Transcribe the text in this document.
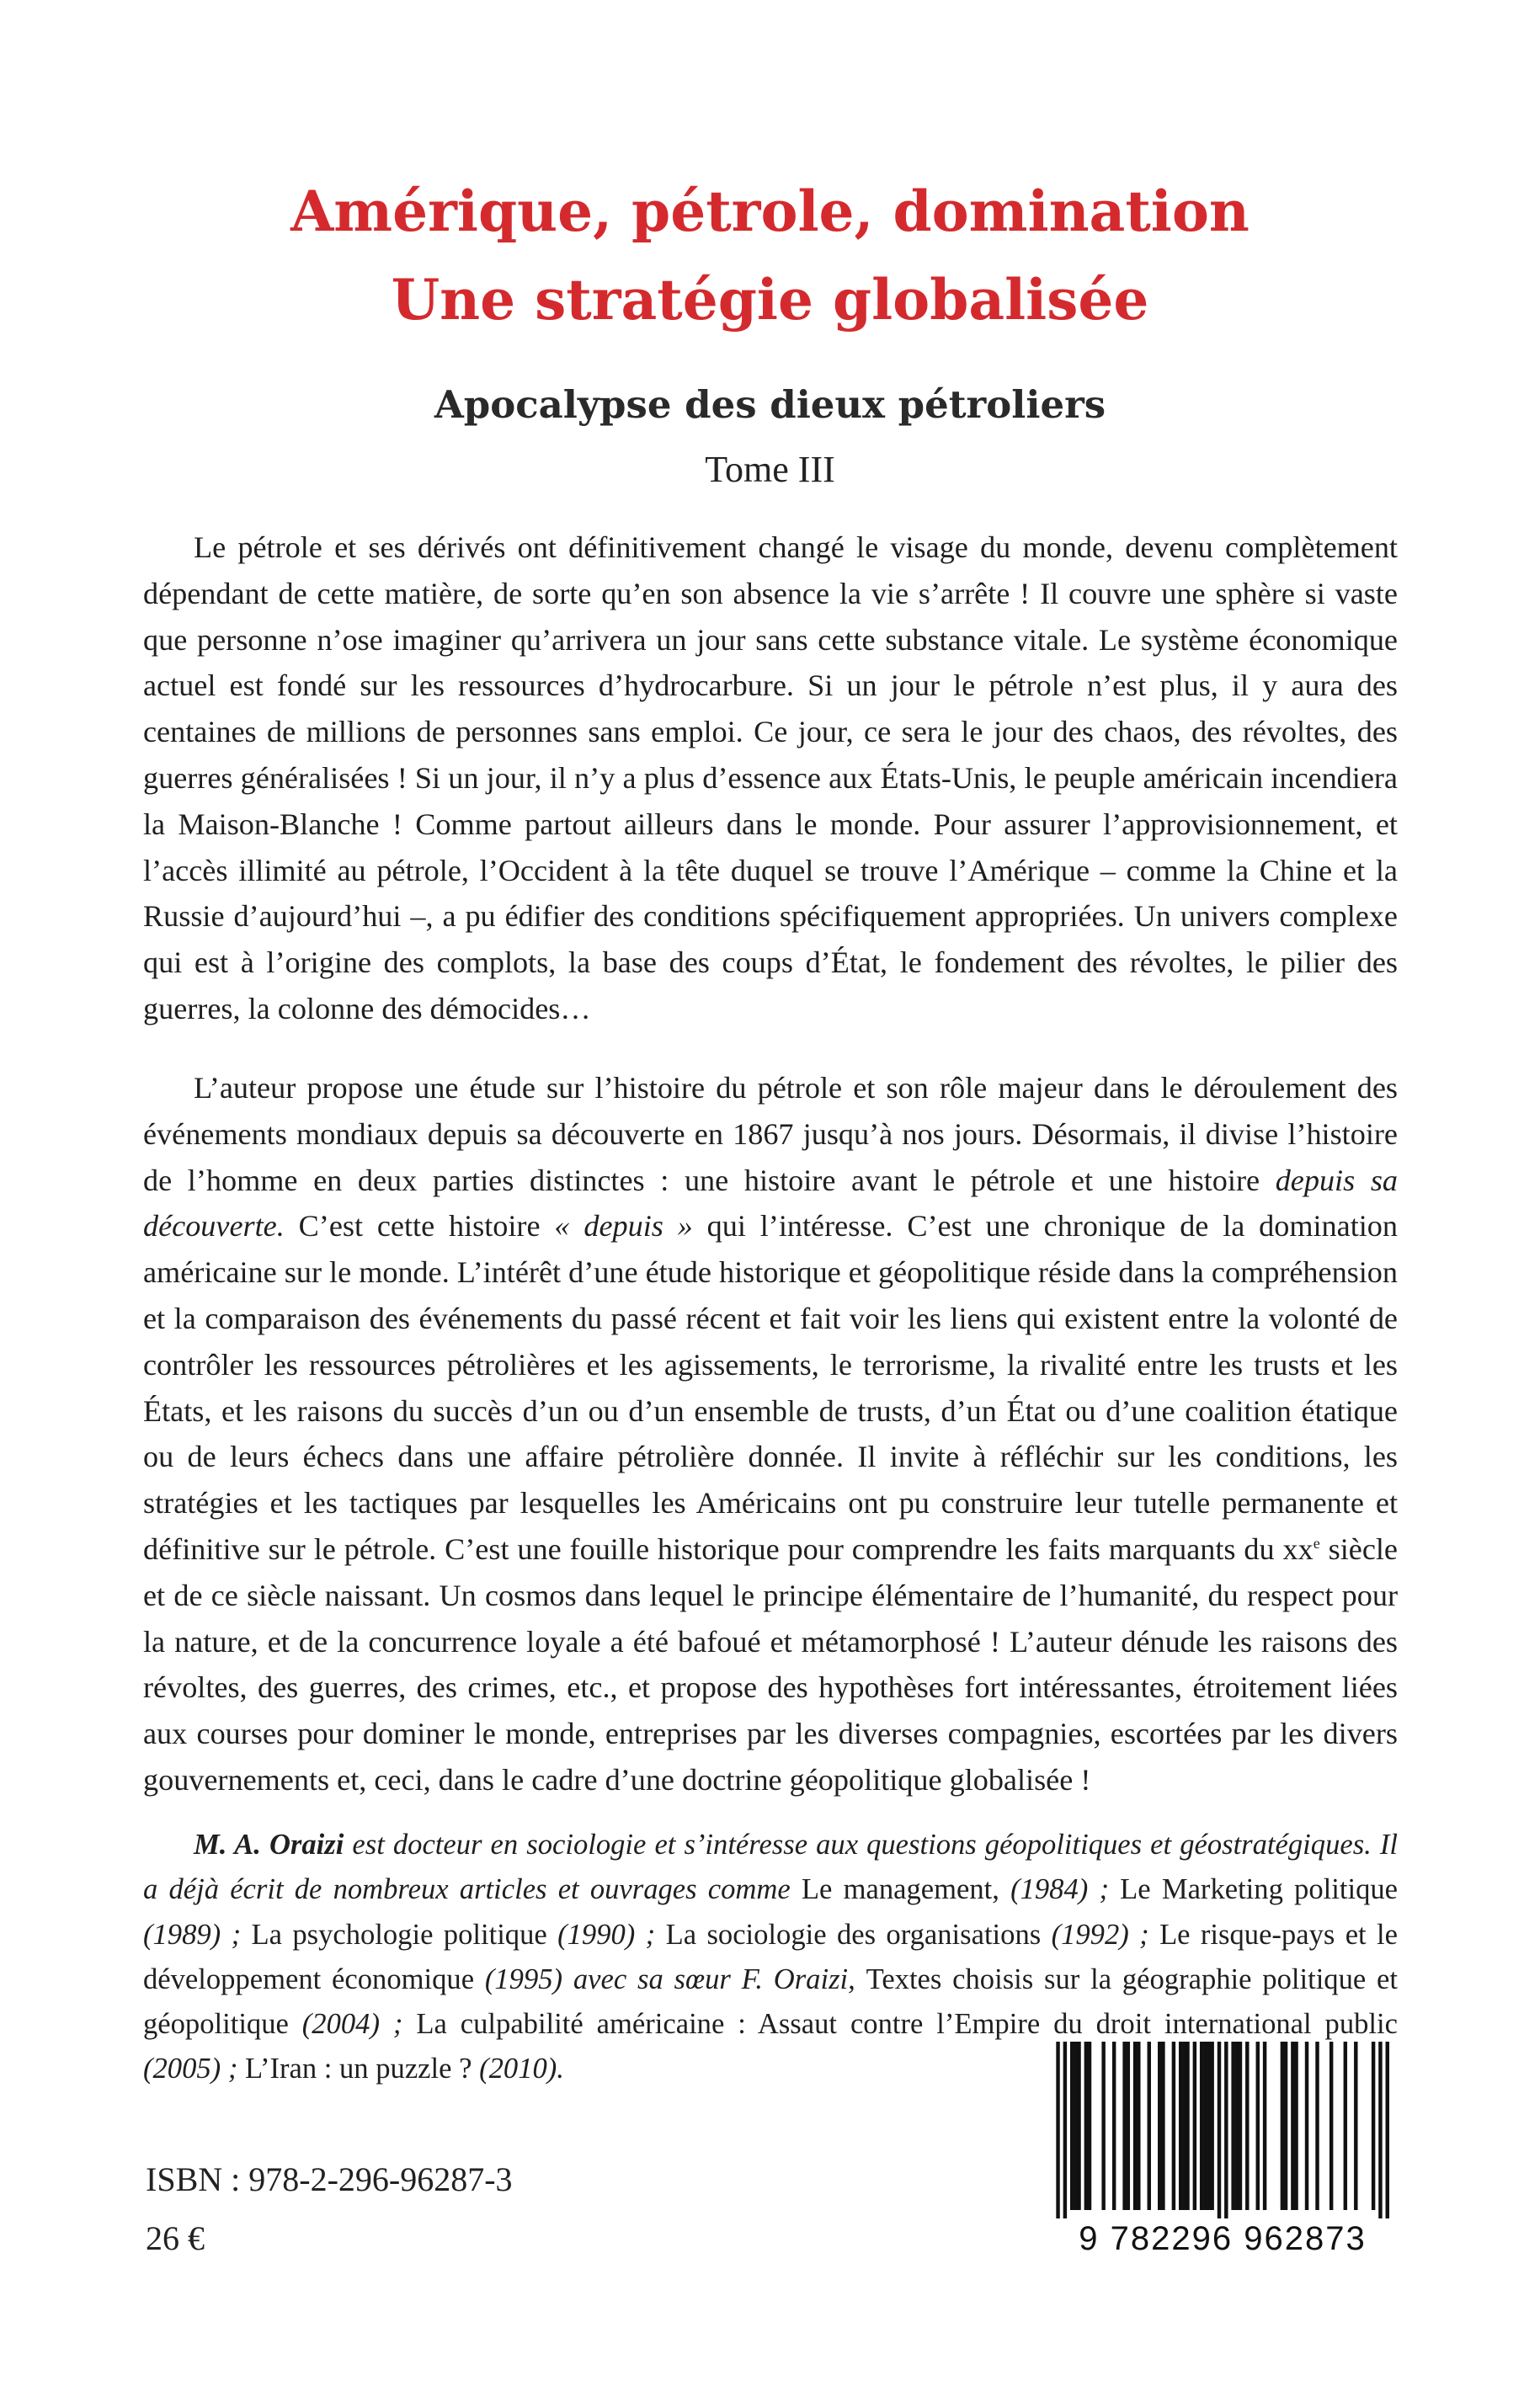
Amérique, pétrole, domination
Une stratégie globalisée
Apocalypse des dieux pétroliers
Tome III

Le pétrole et ses dérivés ont définitivement changé le visage du monde, devenu complètement dépendant de cette matière, de sorte qu’en son absence la vie s’arrête ! Il couvre une sphère si vaste que personne n’ose imaginer qu’arrivera un jour sans cette substance vitale. Le système économique actuel est fondé sur les ressources d’hydrocarbure. Si un jour le pétrole n’est plus, il y aura des centaines de millions de personnes sans emploi. Ce jour, ce sera le jour des chaos, des révoltes, des guerres généralisées ! Si un jour, il n’y a plus d’essence aux États-Unis, le peuple américain incendiera la Maison-Blanche ! Comme partout ailleurs dans le monde. Pour assurer l’approvisionnement, et l’accès illimité au pétrole, l’Occident à la tête duquel se trouve l’Amérique – comme la Chine et la Russie d’aujourd’hui –, a pu édifier des conditions spécifiquement appropriées. Un univers complexe qui est à l’origine des complots, la base des coups d’État, le fondement des révoltes, le pilier des guerres, la colonne des démocides…

L’auteur propose une étude sur l’histoire du pétrole et son rôle majeur dans le déroulement des événements mondiaux depuis sa découverte en 1867 jusqu’à nos jours. Désormais, il divise l’histoire de l’homme en deux parties distinctes : une histoire avant le pétrole et une histoire depuis sa découverte. C’est cette histoire « depuis » qui l’intéresse. C’est une chronique de la domination américaine sur le monde. L’intérêt d’une étude historique et géopolitique réside dans la compréhension et la comparaison des événements du passé récent et fait voir les liens qui existent entre la volonté de contrôler les ressources pétrolières et les agissements, le terrorisme, la rivalité entre les trusts et les États, et les raisons du succès d’un ou d’un ensemble de trusts, d’un État ou d’une coalition étatique ou de leurs échecs dans une affaire pétrolière donnée. Il invite à réfléchir sur les conditions, les stratégies et les tactiques par lesquelles les Américains ont pu construire leur tutelle permanente et définitive sur le pétrole. C’est une fouille historique pour comprendre les faits marquants du $xx^e$ siècle et de ce siècle naissant. Un cosmos dans lequel le principe élémentaire de l’humanité, du respect pour la nature, et de la concurrence loyale a été bafoué et métamorphosé ! L’auteur dénude les raisons des révoltes, des guerres, des crimes, etc., et propose des hypothèses fort intéressantes, étroitement liées aux courses pour dominer le monde, entreprises par les diverses compagnies, escortées par les divers gouvernements et, ceci, dans le cadre d’une doctrine géopolitique globalisée !

M. A. Oraizi est docteur en sociologie et s’intéresse aux questions géopolitiques et géostratégiques. Il a déjà écrit de nombreux articles et ouvrages comme Le management, (1984) ; Le Marketing politique (1989) ; La psychologie politique (1990) ; La sociologie des organisations (1992) ; Le risque-pays et le développement économique (1995) avec sa sœur F. Oraizi, Textes choisis sur la géographie politique et géopolitique (2004) ; La culpabilité américaine : Assaut contre l’Empire du droit international public (2005) ; L’Iran : un puzzle ? (2010).

ISBN : 978-2-296-96287-3
26 €	9 782296 962873
